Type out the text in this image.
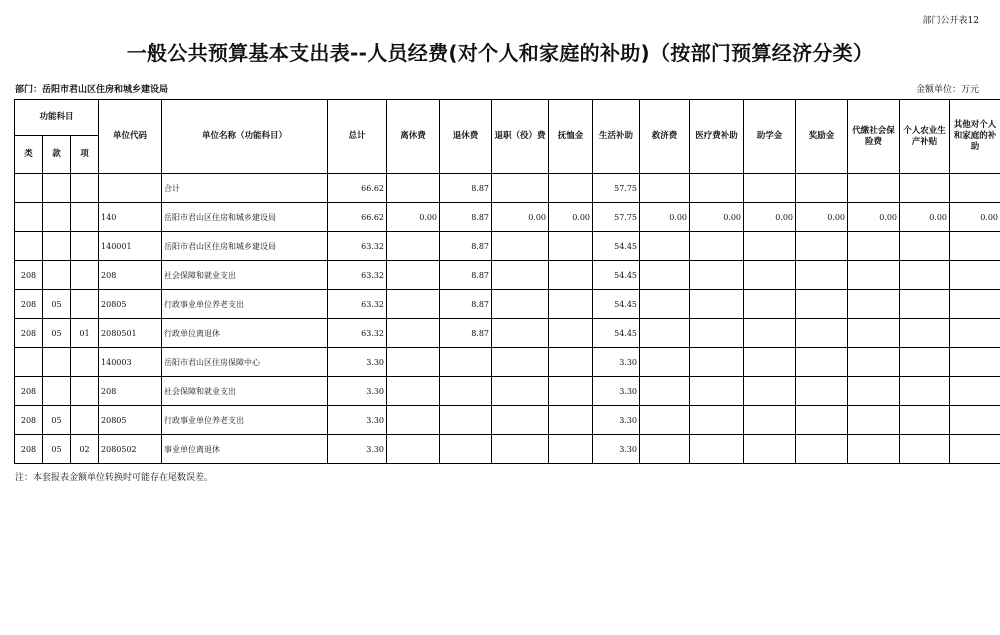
部门公开表12
一般公共预算基本支出表--人员经费(对个人和家庭的补助)（按部门预算经济分类）
部门：岳阳市君山区住房和城乡建设局	金额单位：万元
功能科目			单位代码	单位名称（功能科目）	总计	离休费	退休费	退职（役）费	抚恤金	生活补助	救济费	医疗费补助	助学金	奖励金	代缴社会保险费	个人农业生产补贴	其他对个人和家庭的补助
类	款	项															
				合计	66.62		8.87			57.75							
			140	岳阳市君山区住房和城乡建设局	66.62	0.00	8.87	0.00	0.00	57.75	0.00	0.00	0.00	0.00	0.00	0.00	0.00
			140001	岳阳市君山区住房和城乡建设局	63.32		8.87			54.45							
208			208	社会保障和就业支出	63.32		8.87			54.45							
208	05		20805	行政事业单位养老支出	63.32		8.87			54.45							
208	05	01	2080501	行政单位离退休	63.32		8.87			54.45							
			140003	岳阳市君山区住房保障中心	3.30					3.30							
208			208	社会保障和就业支出	3.30					3.30							
208	05		20805	行政事业单位养老支出	3.30					3.30							
208	05	02	2080502	事业单位离退休	3.30					3.30							
注：本套报表金额单位转换时可能存在尾数误差。
